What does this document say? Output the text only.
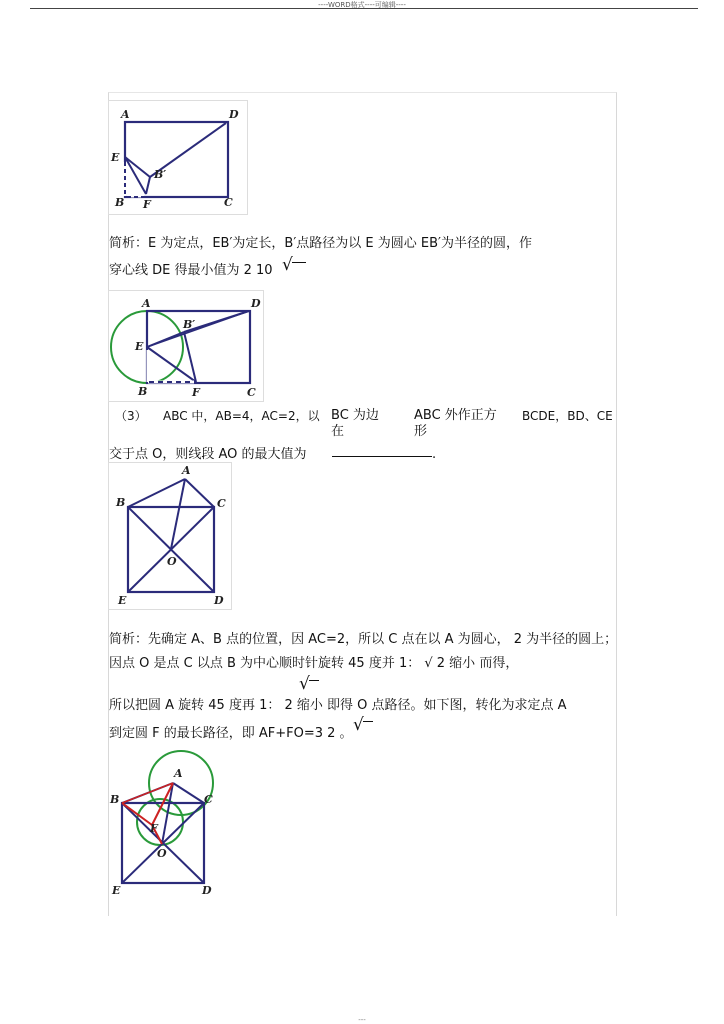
----WORD格式----可编辑----
A	D
E
B′
B F	C
简析：E 为定点，EB′为定长，B′点路径为以 E 为圆心 EB′为半径的圆，作
穿心线 DE 得最小值为 2 10 √
A	D
B′
E
B	F	C
（3） ABC 中，AB=4，AC=2，以 BC 为边
在
ABC 外作正方
形
BCDE，BD、CE
交于点 O，则线段 AO 的最大值为	.
A
B	C
O
E	D
简析：先确定 A、B 点的位置，因 AC=2，所以 C 点在以 A 为圆心， 2 为半径的圆上；
因点 O 是点 C 以点 B 为中心顺时针旋转 45 度并 1： √ 2 缩小 而得，
√
所以把圆 A 旋转 45 度再 1： 2 缩小 即得 O 点路径。如下图，转化为求定点 A
√
到定圆 F 的最长路径，即 AF+FO=3 2 。
A
B	C
F
O
E	D
---
